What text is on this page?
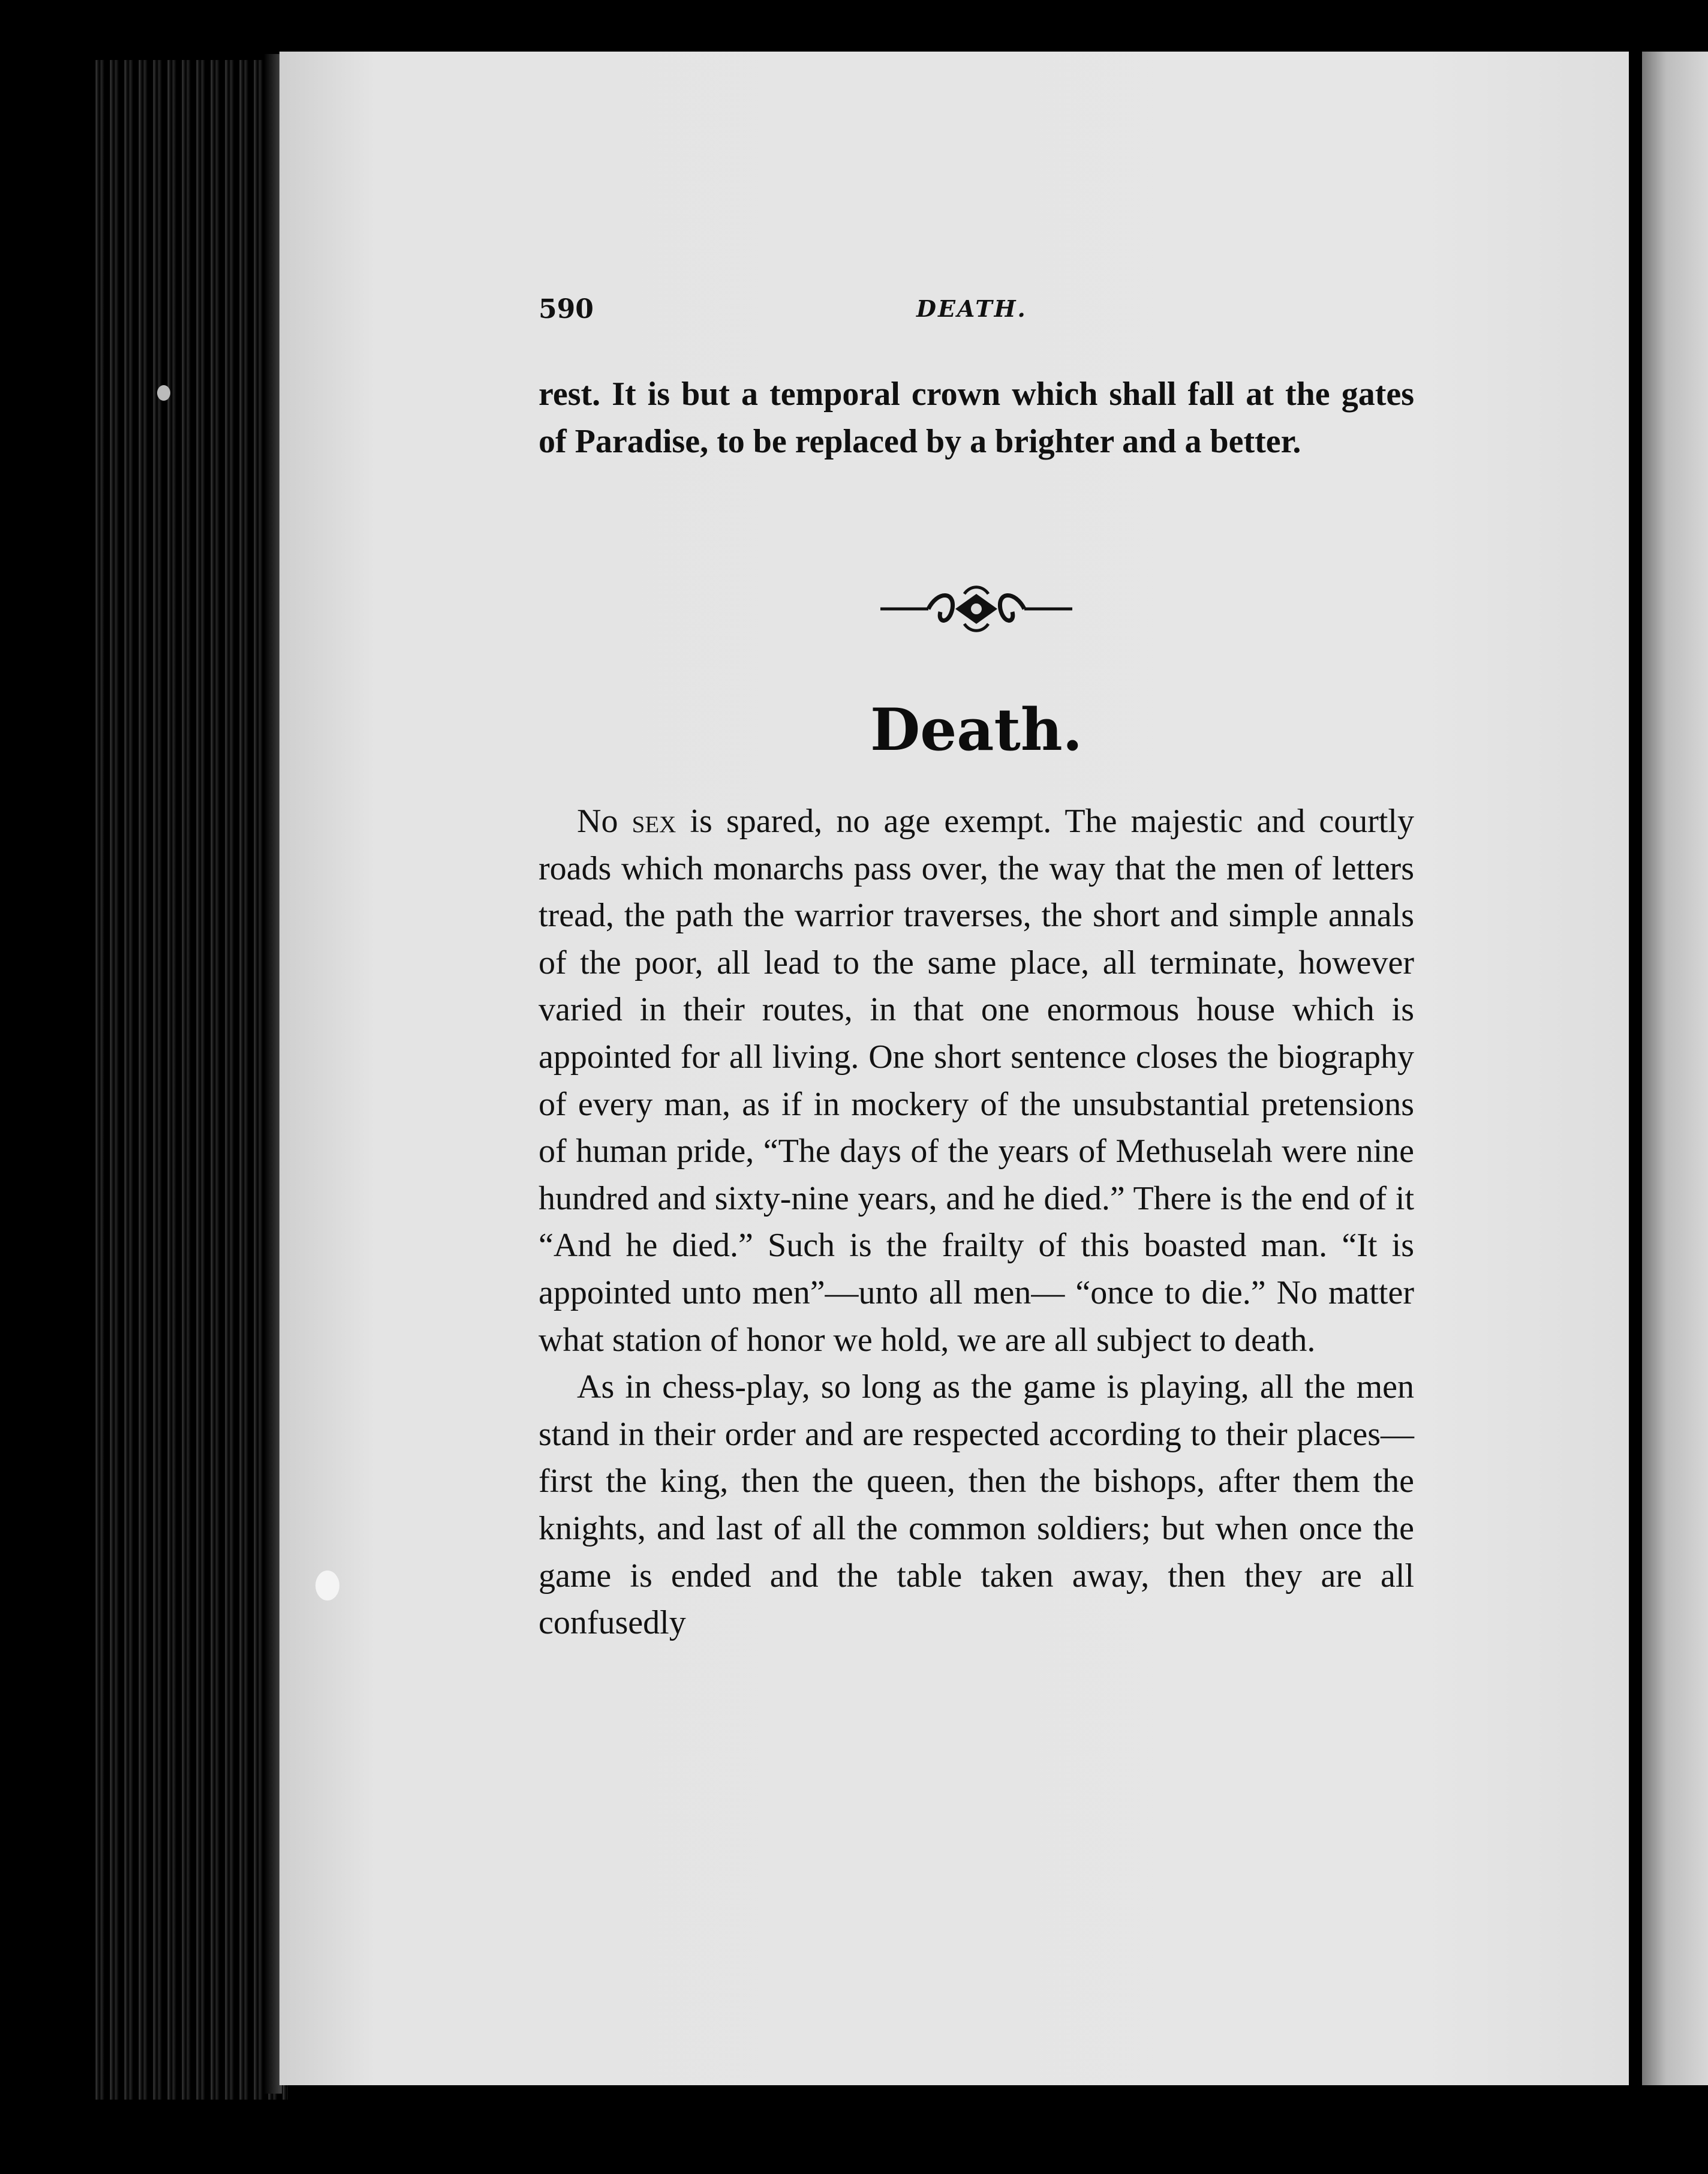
590	DEATH.
rest. It is but a temporal crown which shall fall at the gates of Paradise, to be replaced by a brighter and a better.
Death.

No sex is spared, no age exempt. The majestic and courtly roads which monarchs pass over, the way that the men of letters tread, the path the warrior traverses, the short and simple annals of the poor, all lead to the same place, all terminate, however varied in their routes, in that one enormous house which is appointed for all living. One short sentence closes the biography of every man, as if in mockery of the unsubstantial pretensions of human pride, “The days of the years of Methuselah were nine hundred and sixty-nine years, and he died.” There is the end of it “And he died.” Such is the frailty of this boasted man. “It is appointed unto men”—unto all men— “once to die.” No matter what station of honor we hold, we are all subject to death.

As in chess-play, so long as the game is playing, all the men stand in their order and are respected according to their places—first the king, then the queen, then the bishops, after them the knights, and last of all the common soldiers; but when once the game is ended and the table taken away, then they are all confusedly
